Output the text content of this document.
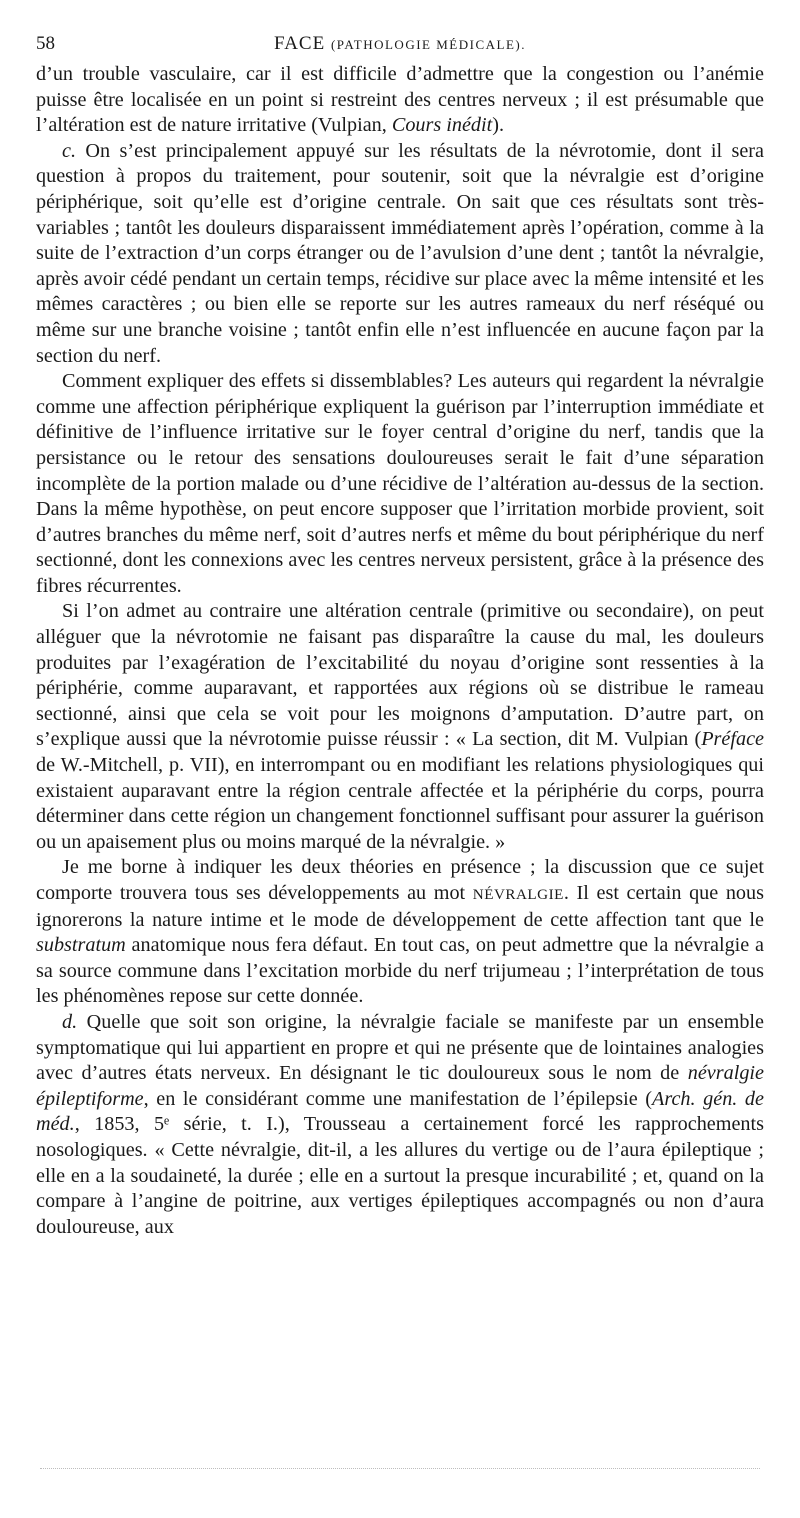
58	FACE (PATHOLOGIE MÉDICALE).

d’un trouble vasculaire, car il est difficile d’admettre que la congestion ou l’anémie puisse être localisée en un point si restreint des centres nerveux ; il est présumable que l’altération est de nature irritative (Vulpian, Cours inédit).

c. On s’est principalement appuyé sur les résultats de la névrotomie, dont il sera question à propos du traitement, pour soutenir, soit que la névralgie est d’origine périphérique, soit qu’elle est d’origine centrale. On sait que ces résultats sont très-variables ; tantôt les douleurs disparaissent immédiatement après l’opération, comme à la suite de l’extraction d’un corps étranger ou de l’avulsion d’une dent ; tantôt la névralgie, après avoir cédé pendant un certain temps, récidive sur place avec la même intensité et les mêmes caractères ; ou bien elle se reporte sur les autres rameaux du nerf réséqué ou même sur une branche voisine ; tantôt enfin elle n’est influencée en aucune façon par la section du nerf.

Comment expliquer des effets si dissemblables? Les auteurs qui regardent la névralgie comme une affection périphérique expliquent la guérison par l’interruption immédiate et définitive de l’influence irritative sur le foyer central d’origine du nerf, tandis que la persistance ou le retour des sensations douloureuses serait le fait d’une séparation incomplète de la portion malade ou d’une récidive de l’altération au-dessus de la section. Dans la même hypothèse, on peut encore supposer que l’irritation morbide provient, soit d’autres branches du même nerf, soit d’autres nerfs et même du bout périphérique du nerf sectionné, dont les connexions avec les centres nerveux persistent, grâce à la présence des fibres récurrentes.

Si l’on admet au contraire une altération centrale (primitive ou secondaire), on peut alléguer que la névrotomie ne faisant pas disparaître la cause du mal, les douleurs produites par l’exagération de l’excitabilité du noyau d’origine sont ressenties à la périphérie, comme auparavant, et rapportées aux régions où se distribue le rameau sectionné, ainsi que cela se voit pour les moignons d’amputation. D’autre part, on s’explique aussi que la névrotomie puisse réussir : « La section, dit M. Vulpian (Préface de W.-Mitchell, p. VII), en interrompant ou en modifiant les relations physiologiques qui existaient auparavant entre la région centrale affectée et la périphérie du corps, pourra déterminer dans cette région un changement fonctionnel suffisant pour assurer la guérison ou un apaisement plus ou moins marqué de la névralgie. »

Je me borne à indiquer les deux théories en présence ; la discussion que ce sujet comporte trouvera tous ses développements au mot NÉVRALGIE. Il est certain que nous ignorerons la nature intime et le mode de développement de cette affection tant que le substratum anatomique nous fera défaut. En tout cas, on peut admettre que la névralgie a sa source commune dans l’excitation morbide du nerf trijumeau ; l’interprétation de tous les phénomènes repose sur cette donnée.

d. Quelle que soit son origine, la névralgie faciale se manifeste par un ensemble symptomatique qui lui appartient en propre et qui ne présente que de lointaines analogies avec d’autres états nerveux. En désignant le tic douloureux sous le nom de névralgie épileptiforme, en le considérant comme une manifestation de l’épilepsie (Arch. gén. de méd., 1853, 5ᵉ série, t. I.), Trousseau a certainement forcé les rapprochements nosologiques. « Cette névralgie, dit-il, a les allures du vertige ou de l’aura épileptique ; elle en a la soudaineté, la durée ; elle en a surtout la presque incurabilité ; et, quand on la compare à l’angine de poitrine, aux vertiges épileptiques accompagnés ou non d’aura douloureuse, aux
